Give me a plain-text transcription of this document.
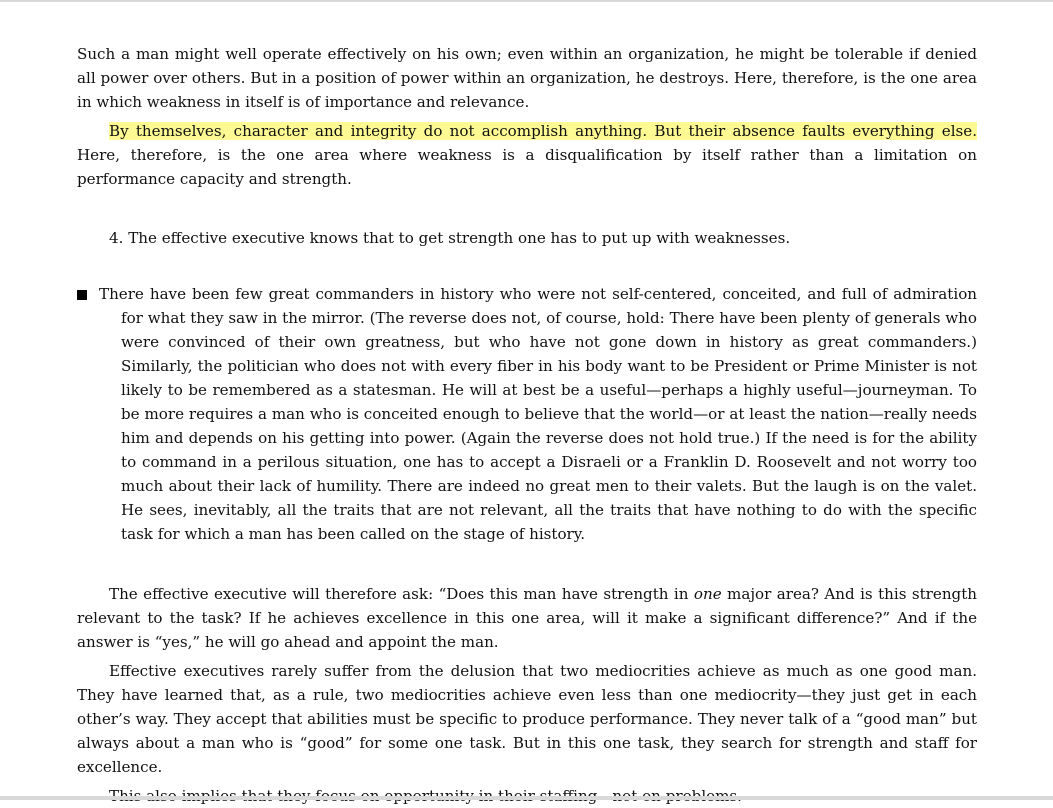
Such a man might well operate effectively on his own; even within an organization, he might be tolerable if denied all power over others. But in a position of power within an organization, he destroys. Here, therefore, is the one area in which weakness in itself is of importance and relevance.

By themselves, character and integrity do not accomplish anything. But their absence faults everything else. Here, therefore, is the one area where weakness is a disqualification by itself rather than a limitation on performance capacity and strength.

4. The effective executive knows that to get strength one has to put up with weaknesses.

There have been few great commanders in history who were not self-centered, conceited, and full of admiration for what they saw in the mirror. (The reverse does not, of course, hold: There have been plenty of generals who were convinced of their own greatness, but who have not gone down in history as great commanders.) Similarly, the politician who does not with every fiber in his body want to be President or Prime Minister is not likely to be remembered as a statesman. He will at best be a useful—perhaps a highly useful—journeyman. To be more requires a man who is conceited enough to believe that the world—or at least the nation—really needs him and depends on his getting into power. (Again the reverse does not hold true.) If the need is for the ability to command in a perilous situation, one has to accept a Disraeli or a Franklin D. Roosevelt and not worry too much about their lack of humility. There are indeed no great men to their valets. But the laugh is on the valet. He sees, inevitably, all the traits that are not relevant, all the traits that have nothing to do with the specific task for which a man has been called on the stage of history.

The effective executive will therefore ask: “Does this man have strength in one major area? And is this strength relevant to the task? If he achieves excellence in this one area, will it make a significant difference?” And if the answer is “yes,” he will go ahead and appoint the man.

Effective executives rarely suffer from the delusion that two mediocrities achieve as much as one good man. They have learned that, as a rule, two mediocrities achieve even less than one mediocrity—they just get in each other’s way. They accept that abilities must be specific to produce performance. They never talk of a “good man” but always about a man who is “good” for some one task. But in this one task, they search for strength and staff for excellence.
